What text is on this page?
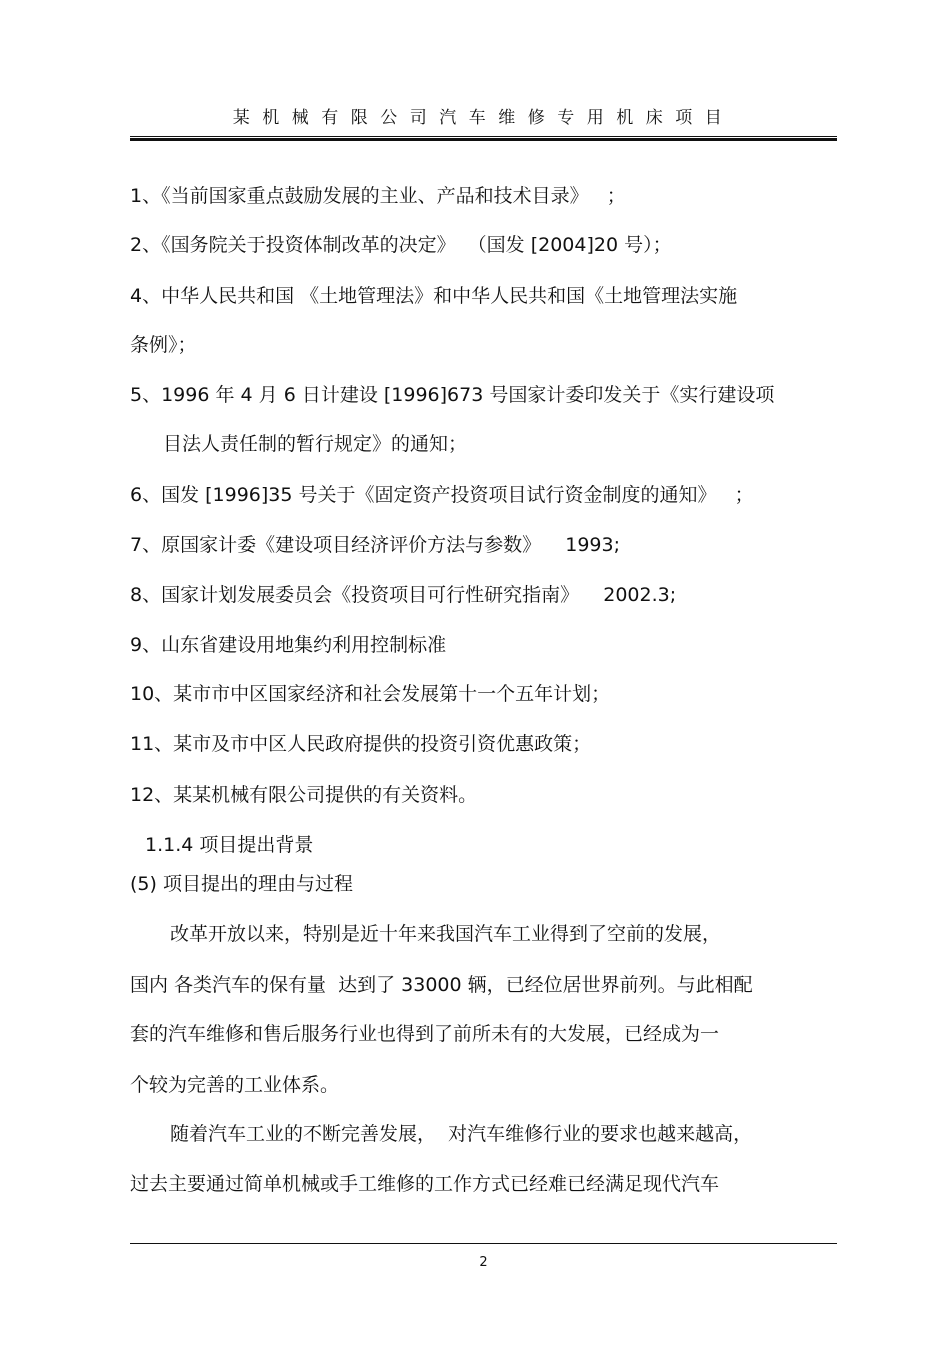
某机械有限公司汽车维修专用机床项目
1、《当前国家重点鼓励发展的主业、产品和技术目录》   ；
2、《国务院关于投资体制改革的决定》  （国发 [2004]20 号）；
4、中华人民共和国 《土地管理法》和中华人民共和国《土地管理法实施
条例》；
5、1996 年 4 月 6 日计建设 [1996]673 号国家计委印发关于《实行建设项
目法人责任制的暂行规定》的通知；
6、国发 [1996]35 号关于《固定资产投资项目试行资金制度的通知》   ；
7、原国家计委《建设项目经济评价方法与参数》    1993;
8、国家计划发展委员会《投资项目可行性研究指南》    2002.3;
9、山东省建设用地集约利用控制标准
10、某市市中区国家经济和社会发展第十一个五年计划；
11、某市及市中区人民政府提供的投资引资优惠政策；
12、某某机械有限公司提供的有关资料。
1.1.4 项目提出背景
(5) 项目提出的理由与过程
改革开放以来，特别是近十年来我国汽车工业得到了空前的发展，
国内 各类汽车的保有量  达到了 33000 辆，已经位居世界前列。与此相配
套的汽车维修和售后服务行业也得到了前所未有的大发展，已经成为一
个较为完善的工业体系。
随着汽车工业的不断完善发展，  对汽车维修行业的要求也越来越高，
过去主要通过简单机械或手工维修的工作方式已经难已经满足现代汽车
2
